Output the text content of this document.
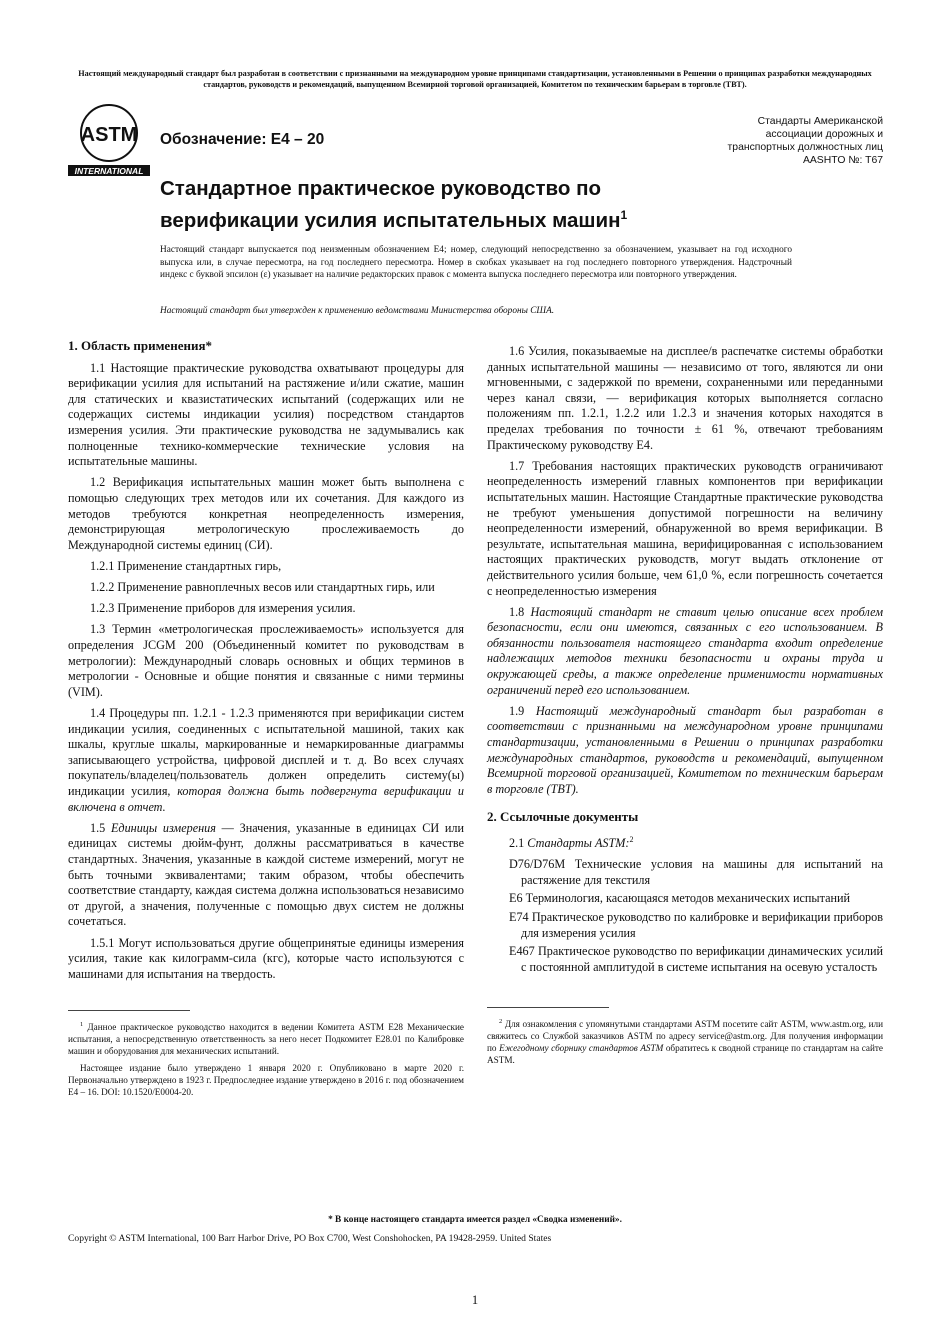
Настоящий международный стандарт был разработан в соответствии с признанными на международном уровне принципами стандартизации, установленными в Решении о принципах разработки международных стандартов, руководств и рекомендаций, выпущенном Всемирной торговой организацией, Комитетом по техническим барьерам в торговле (ТВТ).
ASTM
INTERNATIONAL
Обозначение: E4 – 20
Стандарты Американской
ассоциации дорожных и
транспортных должностных лиц
AASHTO №: T67
Стандартное практическое руководство по
верификации усилия испытательных машин$^1$
Настоящий стандарт выпускается под неизменным обозначением E4; номер, следующий непосредственно за обозначением, указывает на год исходного выпуска или, в случае пересмотра, на год последнего пересмотра. Номер в скобках указывает на год последнего повторного утверждения. Надстрочный индекс с буквой эпсилон (ε) указывает на наличие редакторских правок с момента выпуска последнего пересмотра или повторного утверждения.
Настоящий стандарт был утвержден к применению ведомствами Министерства обороны США.
1. Область применения*

1.1 Настоящие практические руководства охватывают процедуры для верификации усилия для испытаний на растяжение и/или сжатие, машин для статических и квазистатических испытаний (содержащих или не содержащих системы индикации усилия) посредством стандартов измерения усилия. Эти практические руководства не задумывались как полноценные технико-коммерческие технические условия на испытательные машины.

1.2 Верификация испытательных машин может быть выполнена с помощью следующих трех методов или их сочетания. Для каждого из методов требуются конкретная неопределенность измерения, демонстрирующая метрологическую прослеживаемость до Международной системы единиц (СИ).

1.2.1 Применение стандартных гирь,

1.2.2 Применение равноплечных весов или стандартных гирь, или

1.2.3 Применение приборов для измерения усилия.

1.3 Термин «метрологическая прослеживаемость» используется для определения JCGM 200 (Объединенный комитет по руководствам в метрологии): Международный словарь основных и общих терминов в метрологии - Основные и общие понятия и связанные с ними термины (VIM).

1.4 Процедуры пп. 1.2.1 - 1.2.3 применяются при верификации систем индикации усилия, соединенных с испытательной машиной, таких как шкалы, круглые шкалы, маркированные и немаркированные диаграммы записывающего устройства, цифровой дисплей и т. д. Во всех случаях покупатель/владелец/пользователь должен определить систему(ы) индикации усилия, которая должна быть подвергнута верификации и включена в отчет.

1.5 Единицы измерения — Значения, указанные в единицах СИ или единицах системы дюйм-фунт, должны рассматриваться в качестве стандартных. Значения, указанные в каждой системе измерений, могут не быть точными эквивалентами; таким образом, чтобы обеспечить соответствие стандарту, каждая система должна использоваться независимо от другой, а значения, полученные с помощью двух систем не должны сочетаться.

1.5.1 Могут использоваться другие общепринятые единицы измерения усилия, такие как килограмм-сила (кгс), которые часто используются с машинами для испытания на твердость.

$^1$ Данное практическое руководство находится в ведении Комитета ASTM E28 Механические испытания, а непосредственную ответственность за него несет Подкомитет E28.01 по Калибровке машин и оборудования для механических испытаний.

Настоящее издание было утверждено 1 января 2020 г. Опубликовано в марте 2020 г. Первоначально утверждено в 1923 г. Предпоследнее издание утверждено в 2016 г. под обозначением E4 – 16. DOI: 10.1520/E0004-20.

1.6 Усилия, показываемые на дисплее/в распечатке системы обработки данных испытательной машины — независимо от того, являются ли они мгновенными, с задержкой по времени, сохраненными или переданными через канал связи, — верификация которых выполняется согласно положениям пп. 1.2.1, 1.2.2 или 1.2.3 и значения которых находятся в пределах требования по точности ± 61 %, отвечают требованиям Практическому руководству E4.

1.7 Требования настоящих практических руководств ограничивают неопределенность измерений главных компонентов при верификации испытательных машин. Настоящие Стандартные практические руководства не требуют уменьшения допустимой погрешности на величину неопределенности измерений, обнаруженной во время верификации. В результате, испытательная машина, верифицированная с использованием настоящих практических руководств, могут выдать отклонение от действительного усилия больше, чем 61,0 %, если погрешность сочетается с неопределенностью измерения

1.8 Настоящий стандарт не ставит целью описание всех проблем безопасности, если они имеются, связанных с его использованием. В обязанности пользователя настоящего стандарта входит определение надлежащих методов техники безопасности и охраны труда и окружающей среды, а также определение применимости нормативных ограничений перед его использованием.

1.9 Настоящий международный стандарт был разработан в соответствии с признанными на международном уровне принципами стандартизации, установленными в Решении о принципах разработки международных стандартов, руководств и рекомендаций, выпущенном Всемирной торговой организацией, Комитетом по техническим барьерам в торговле (TBT).

2. Ссылочные документы

2.1 Стандарты ASTM:$^2$

D76/D76M Технические условия на машины для испытаний на растяжение для текстиля
E6 Терминология, касающаяся методов механических испытаний
E74 Практическое руководство по калибровке и верификации приборов для измерения усилия
E467 Практическое руководство по верификации динамических усилий с постоянной амплитудой в системе испытания на осевую усталость

$^2$ Для ознакомления с упомянутыми стандартами ASTM посетите сайт ASTM, www.astm.org, или свяжитесь со Службой заказчиков ASTM по адресу service@astm.org. Для получения информации по Ежегодному сборнику стандартов ASTM обратитесь к сводной странице по стандартам на сайте ASTM.

* В конце настоящего стандарта имеется раздел «Сводка изменений».
Copyright © ASTM International, 100 Barr Harbor Drive, PO Box C700, West Conshohocken, PA 19428-2959. United States
1
